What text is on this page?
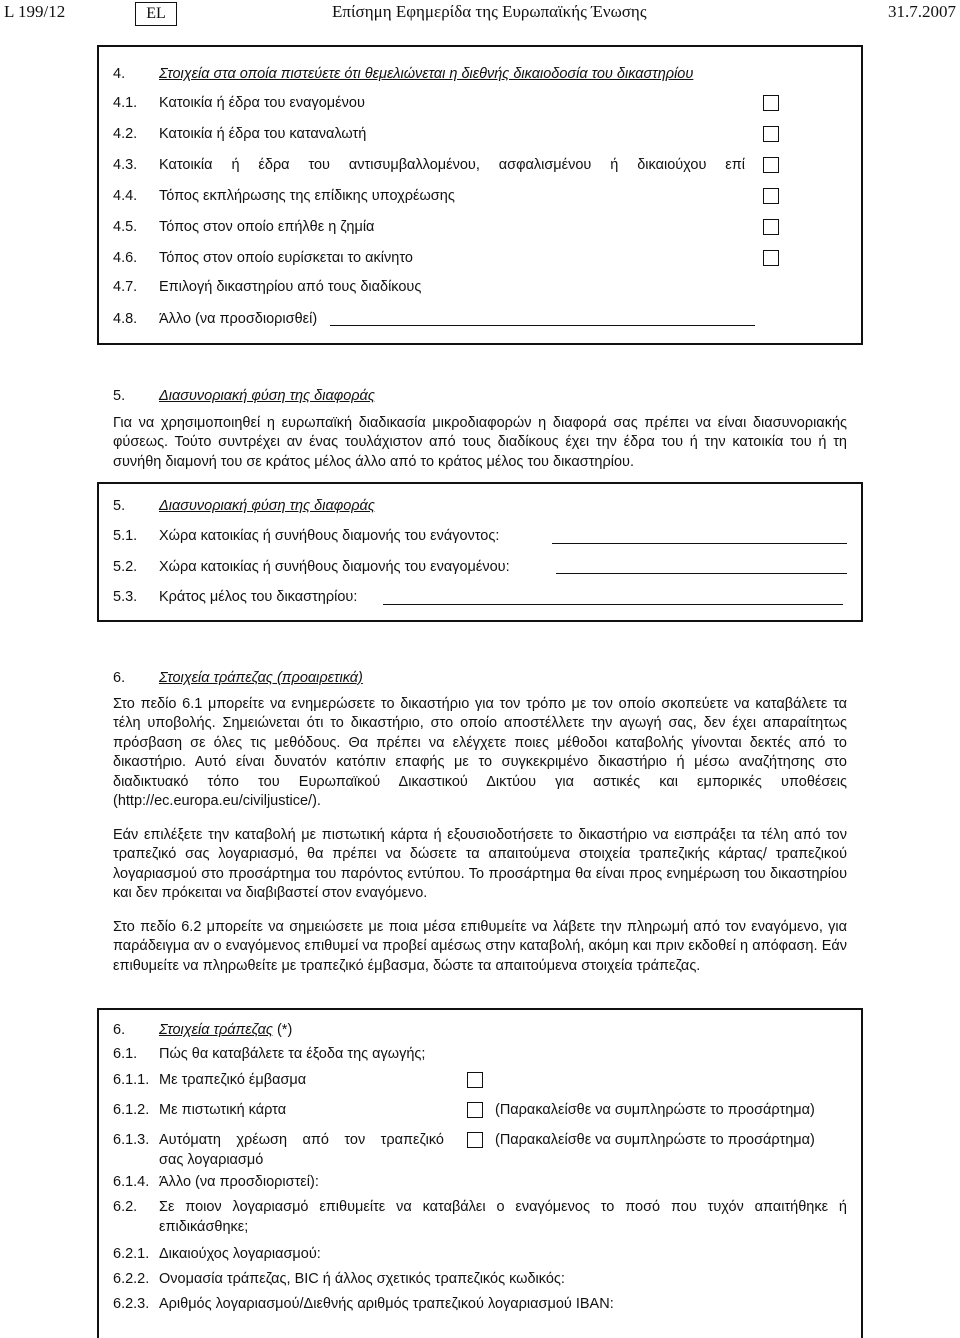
L 199/12	EL	Επίσημη Εφημερίδα της Ευρωπαϊκής Ένωσης	31.7.2007
4. Στοιχεία στα οποία πιστεύετε ότι θεμελιώνεται η διεθνής δικαιοδοσία του δικαστηρίου
4.1. Κατοικία ή έδρα του εναγομένου
4.2. Κατοικία ή έδρα του καταναλωτή
4.3. Κατοικία ή έδρα του αντισυμβαλλομένου, ασφαλισμένου ή δικαιούχου επί
4.4. Τόπος εκπλήρωσης της επίδικης υποχρέωσης
4.5. Τόπος στον οποίο επήλθε η ζημία
4.6. Τόπος στον οποίο ευρίσκεται το ακίνητο
4.7. Επιλογή δικαστηρίου από τους διαδίκους
4.8. Άλλο (να προσδιορισθεί)
5. Διασυνοριακή φύση της διαφοράς

Για να χρησιμοποιηθεί η ευρωπαϊκή διαδικασία μικροδιαφορών η διαφορά σας πρέπει να είναι διασυνοριακής φύσεως. Τούτο συντρέχει αν ένας τουλάχιστον από τους διαδίκους έχει την έδρα του ή την κατοικία του ή τη συνήθη διαμονή του σε κράτος μέλος άλλο από το κράτος μέλος του δικαστηρίου.

5. Διασυνοριακή φύση της διαφοράς
5.1. Χώρα κατοικίας ή συνήθους διαμονής του ενάγοντος:
5.2. Χώρα κατοικίας ή συνήθους διαμονής του εναγομένου:
5.3. Κράτος μέλος του δικαστηρίου:
6. Στοιχεία τράπεζας (προαιρετικά)

Στο πεδίο 6.1 μπορείτε να ενημερώσετε το δικαστήριο για τον τρόπο με τον οποίο σκοπεύετε να καταβάλετε τα τέλη υποβολής. Σημειώνεται ότι το δικαστήριο, στο οποίο αποστέλλετε την αγωγή σας, δεν έχει απαραίτητως πρόσβαση σε όλες τις μεθόδους. Θα πρέπει να ελέγχετε ποιες μέθοδοι καταβολής γίνονται δεκτές από το δικαστήριο. Αυτό είναι δυνατόν κατόπιν επαφής με το συγκεκριμένο δικαστήριο ή μέσω αναζήτησης στο διαδικτυακό τόπο του Ευρωπαϊκού Δικαστικού Δικτύου για αστικές και εμπορικές υποθέσεις (http://ec.europa.eu/civiljustice/).

Εάν επιλέξετε την καταβολή με πιστωτική κάρτα ή εξουσιοδοτήσετε το δικαστήριο να εισπράξει τα τέλη από τον τραπεζικό σας λογαριασμό, θα πρέπει να δώσετε τα απαιτούμενα στοιχεία τραπεζικής κάρτας/ τραπεζικού λογαριασμού στο προσάρτημα του παρόντος εντύπου. Το προσάρτημα θα είναι προς ενημέρωση του δικαστηρίου και δεν πρόκειται να διαβιβαστεί στον εναγόμενο.

Στο πεδίο 6.2 μπορείτε να σημειώσετε με ποια μέσα επιθυμείτε να λάβετε την πληρωμή από τον εναγόμενο, για παράδειγμα αν ο εναγόμενος επιθυμεί να προβεί αμέσως στην καταβολή, ακόμη και πριν εκδοθεί η απόφαση. Εάν επιθυμείτε να πληρωθείτε με τραπεζικό έμβασμα, δώστε τα απαιτούμενα στοιχεία τράπεζας.

6. Στοιχεία τράπεζας (*)
6.1. Πώς θα καταβάλετε τα έξοδα της αγωγής;
6.1.1. Με τραπεζικό έμβασμα
6.1.2. Με πιστωτική κάρτα	(Παρακαλείσθε να συμπληρώστε το προσάρτημα)
6.1.3. Αυτόματη χρέωση από τον τραπεζικό
σας λογαριασμό
(Παρακαλείσθε να συμπληρώστε το προσάρτημα)
6.1.4. Άλλο (να προσδιοριστεί):
6.2. Σε ποιον λογαριασμό επιθυμείτε να καταβάλει ο εναγόμενος το ποσό που τυχόν απαιτήθηκε ή
επιδικάσθηκε;
6.2.1. Δικαιούχος λογαριασμού:
6.2.2. Ονομασία τράπεζας, BIC ή άλλος σχετικός τραπεζικός κωδικός:
6.2.3. Αριθμός λογαριασμού/Διεθνής αριθμός τραπεζικού λογαριασμού IBAN:
